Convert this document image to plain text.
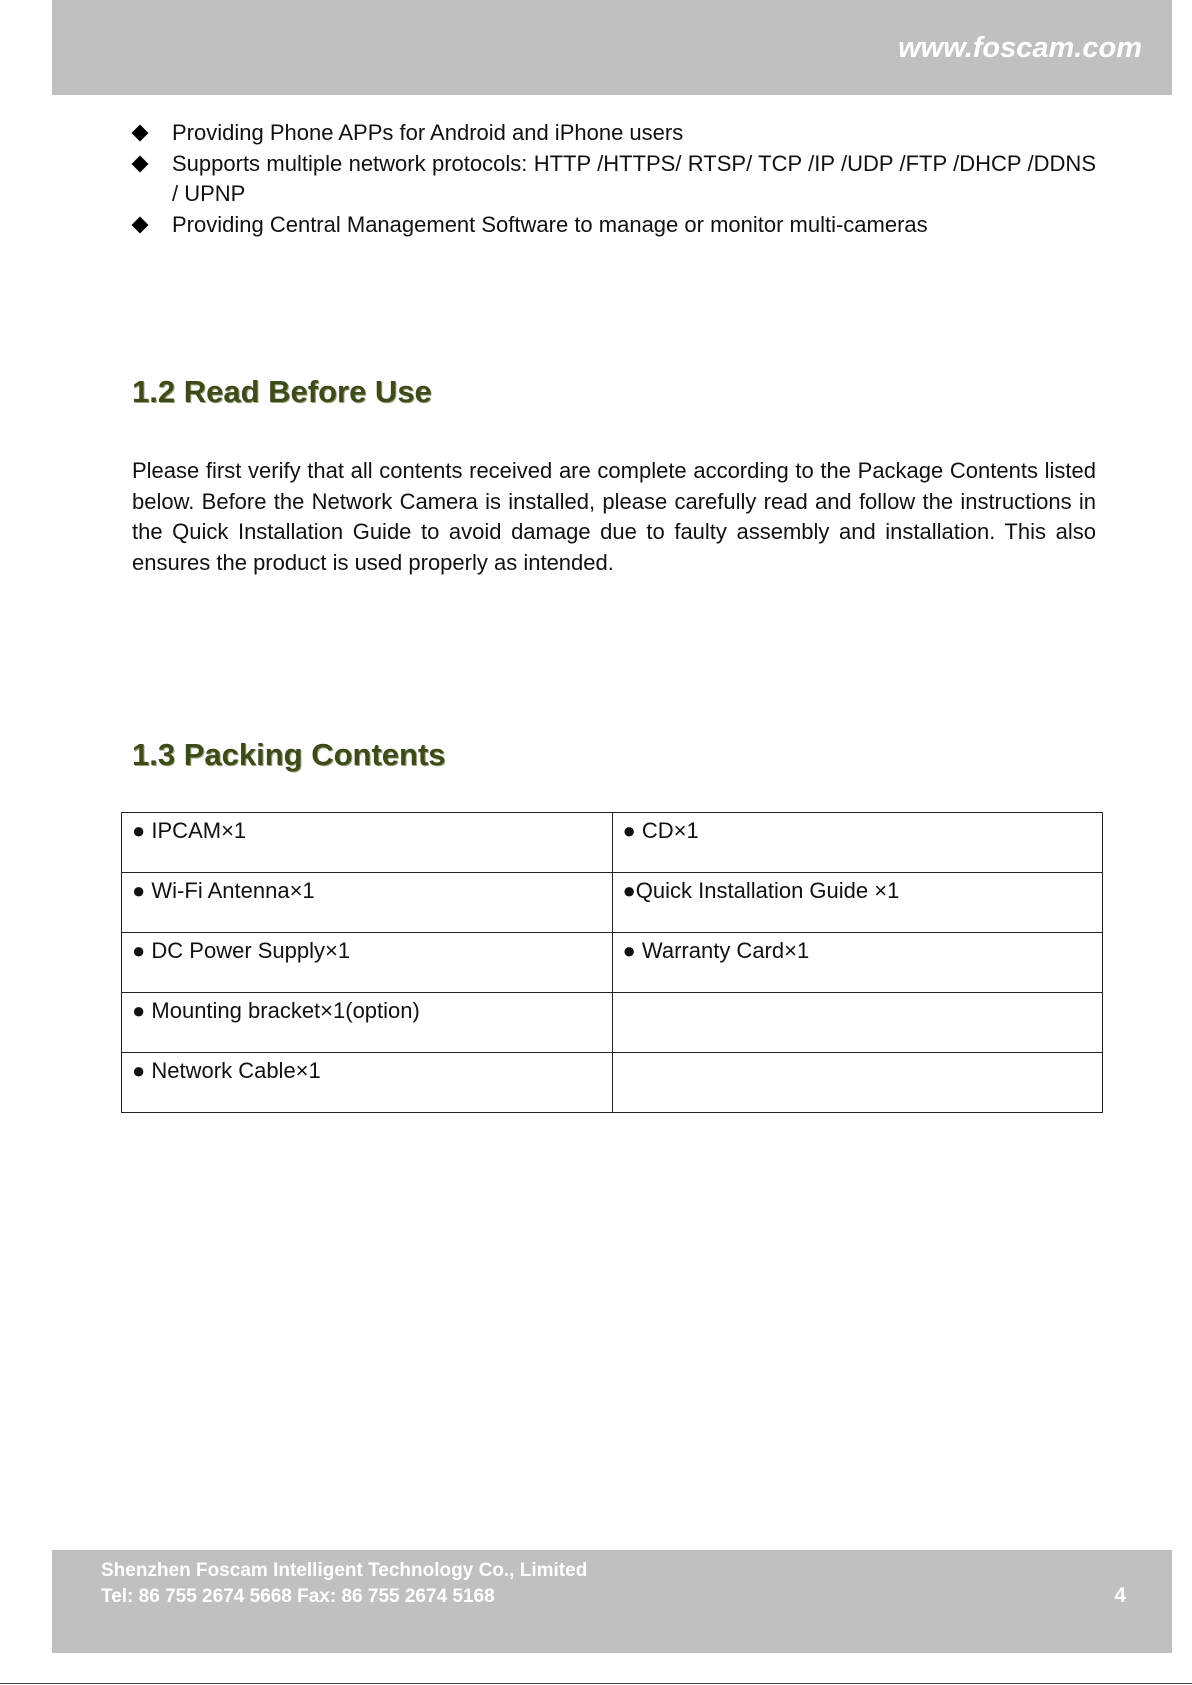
www.foscam.com
Providing Phone APPs for Android and iPhone users
Supports multiple network protocols: HTTP /HTTPS/ RTSP/ TCP /IP /UDP /FTP /DHCP /DDNS / UPNP
Providing Central Management Software to manage or monitor multi-cameras
1.2 Read Before Use

Please first verify that all contents received are complete according to the Package Contents listed below. Before the Network Camera is installed, please carefully read and follow the instructions in the Quick Installation Guide to avoid damage due to faulty assembly and installation. This also ensures the product is used properly as intended.

1.3 Packing Contents
● IPCAM×1	● CD×1
● Wi-Fi Antenna×1	●Quick Installation Guide ×1
● DC Power Supply×1	● Warranty Card×1
● Mounting bracket×1(option)	
● Network Cable×1	
Shenzhen Foscam Intelligent Technology Co., Limited
Tel: 86 755 2674 5668 Fax: 86 755 2674 5168	4
